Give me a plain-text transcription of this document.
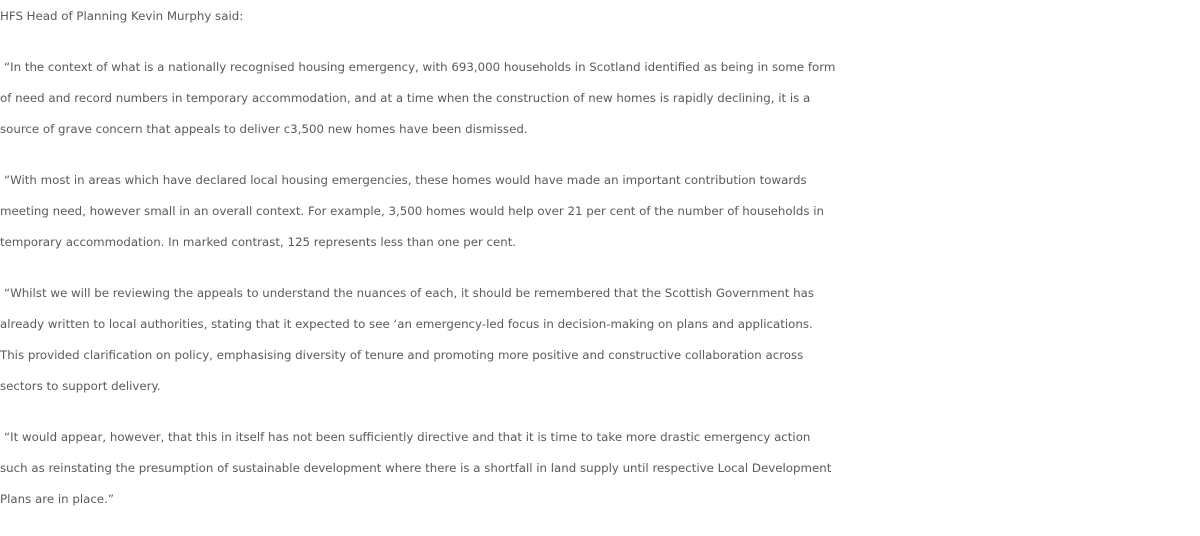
HFS Head of Planning Kevin Murphy said:

“In the context of what is a nationally recognised housing emergency, with 693,000 households in Scotland identified as being in some form
of need and record numbers in temporary accommodation, and at a time when the construction of new homes is rapidly declining, it is a
source of grave concern that appeals to deliver c3,500 new homes have been dismissed.

“With most in areas which have declared local housing emergencies, these homes would have made an important contribution towards
meeting need, however small in an overall context. For example, 3,500 homes would help over 21 per cent of the number of households in
temporary accommodation. In marked contrast, 125 represents less than one per cent.

“Whilst we will be reviewing the appeals to understand the nuances of each, it should be remembered that the Scottish Government has
already written to local authorities, stating that it expected to see ‘an emergency-led focus in decision-making on plans and applications.
This provided clarification on policy, emphasising diversity of tenure and promoting more positive and constructive collaboration across
sectors to support delivery.

“It would appear, however, that this in itself has not been sufficiently directive and that it is time to take more drastic emergency action
such as reinstating the presumption of sustainable development where there is a shortfall in land supply until respective Local Development
Plans are in place.”
